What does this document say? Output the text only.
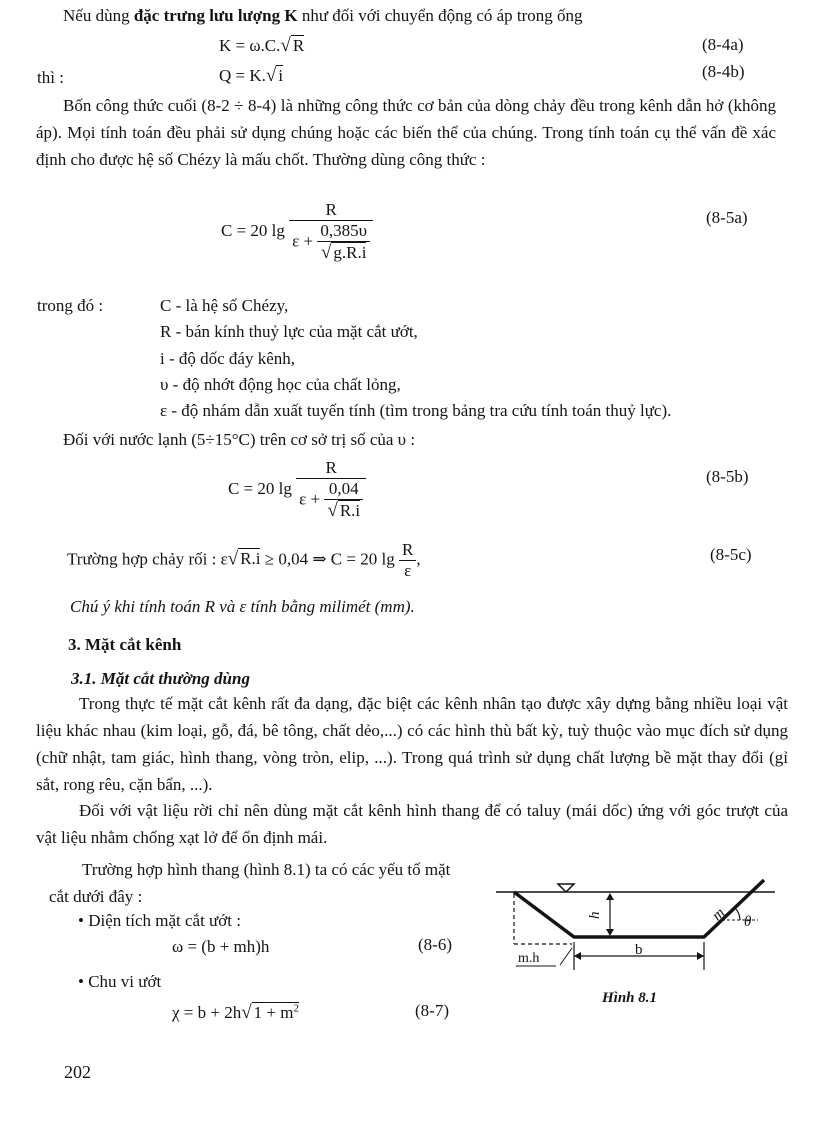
Nếu dùng đặc trưng lưu lượng K như đối với chuyển động có áp trong ống
K = ω.C.√ R	(8-4a)
thì :	Q = K.√ i	(8-4b)
Bốn công thức cuối (8-2 ÷ 8-4) là những công thức cơ bản của dòng chảy đều trong kênh dẫn hở (không áp). Mọi tính toán đều phải sử dụng chúng hoặc các biến thể của chúng. Trong tính toán cụ thể vấn đề xác định cho được hệ số Chézy là mấu chốt. Thường dùng công thức :
C = 20 $\lg \frac{R}{\varepsilon + \frac{0,385\upsilon}{√ g.R.i}}$	(8-5a)
trong đó :	C - là hệ số Chézy,
R - bán kính thuỷ lực của mặt cắt ướt,
i - độ dốc đáy kênh,
υ - độ nhớt động học của chất lỏng,
ε - độ nhám dẫn xuất tuyến tính (tìm trong bảng tra cứu tính toán thuỷ lực).
Đối với nước lạnh (5÷15°C) trên cơ sở trị số của υ :
C = 20 $\lg \frac{R}{\varepsilon + \frac{0,04}{√ R.i}}$	(8-5b)
Trường hợp chảy rối : ε√ R.i ≥ 0,04 ⇒ C = 20 $\lg \frac{R}{\varepsilon}$ ,	(8-5c)
Chú ý khi tính toán R và ε tính bằng milimét (mm).
3. Mặt cắt kênh
3.1. Mặt cắt thường dùng
Trong thực tế mặt cắt kênh rất đa dạng, đặc biệt các kênh nhân tạo được xây dựng bằng nhiều loại vật liệu khác nhau (kim loại, gỗ, đá, bê tông, chất dẻo,...) có các hình thù bất kỳ, tuỳ thuộc vào mục đích sử dụng (chữ nhật, tam giác, hình thang, vòng tròn, elip, ...). Trong quá trình sử dụng chất lượng bề mặt thay đổi (gỉ sắt, rong rêu, cặn bẩn, ...).
Đối với vật liệu rời chỉ nên dùng mặt cắt kênh hình thang để có taluy (mái dốc) ứng với góc trượt của vật liệu nhằm chống xạt lở để ổn định mái.
Trường hợp hình thang (hình 8.1) ta có các yếu tố mặt cắt dưới đây :
• Diện tích mặt cắt ướt :
ω = (b + mh)h	(8-6)
• Chu vi ướt
χ = b + 2h√ $1 + m^2$	(8-7)
h
b
m.h
m θ
Hình 8.1
202
